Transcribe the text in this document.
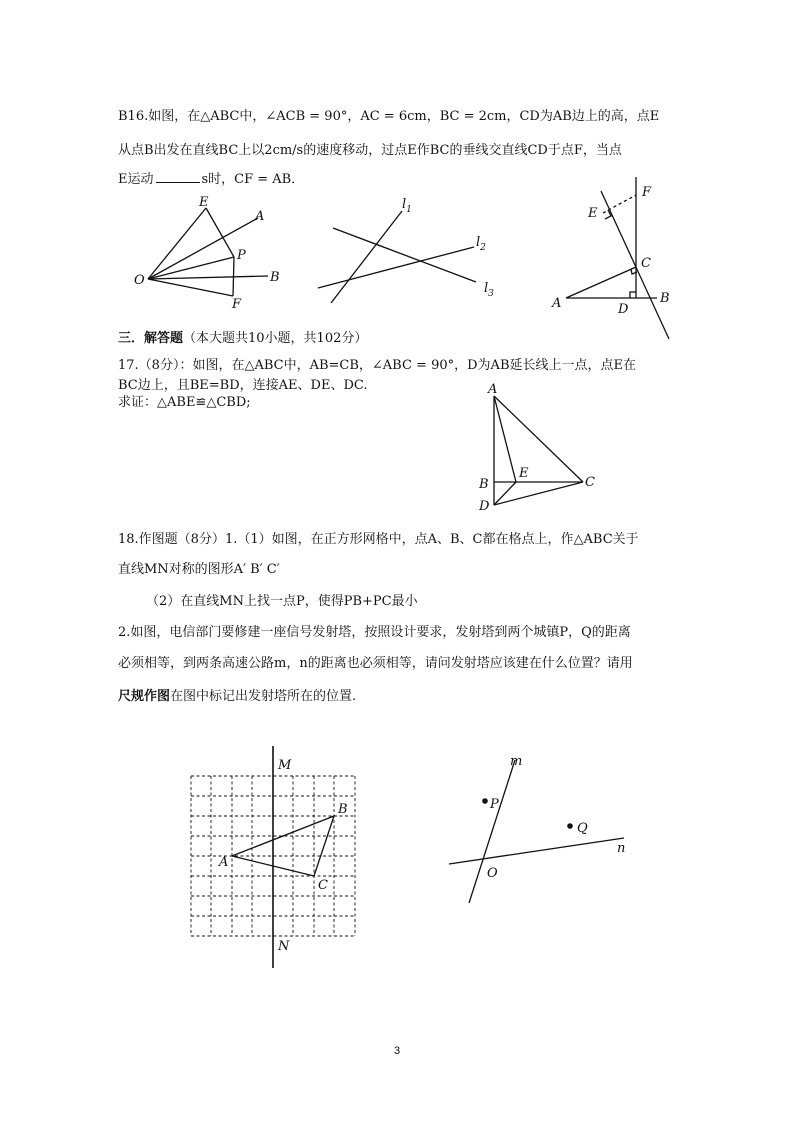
B16.如图，在△ABC中，∠ACB = 90°，AC = 6cm，BC = 2cm，CD为AB边上的高，点E
从点B出发在直线BC上以2cm/s的速度移动，过点E作BC的垂线交直线CD于点F，当点
E运动	s时，CF = AB．
E
A
P
O	B
F
$l_1$
$l_2$
$l_3$
F
E
C
A	B
D
A
B
E
C
D
M
N
A
B
C
m
n
P
Q
O
三．解答题（本大题共10小题，共102分）
17.（8分）：如图，在△ABC中，AB=CB，∠ABC = 90°，D为AB延长线上一点，点E在
BC边上，且BE=BD，连接AE、DE、DC.
求证：△ABE≌△CBD;
18.作图题（8分）1.（1）如图，在正方形网格中，点A、B、C都在格点上，作△ABC关于
直线MN对称的图形A′ B′ C′
（2）在直线MN上找一点P，使得PB+PC最小
2.如图，电信部门要修建一座信号发射塔，按照设计要求，发射塔到两个城镇P，Q的距离
必须相等，到两条高速公路m，n的距离也必须相等，请问发射塔应该建在什么位置？请用
尺规作图在图中标记出发射塔所在的位置.
3
